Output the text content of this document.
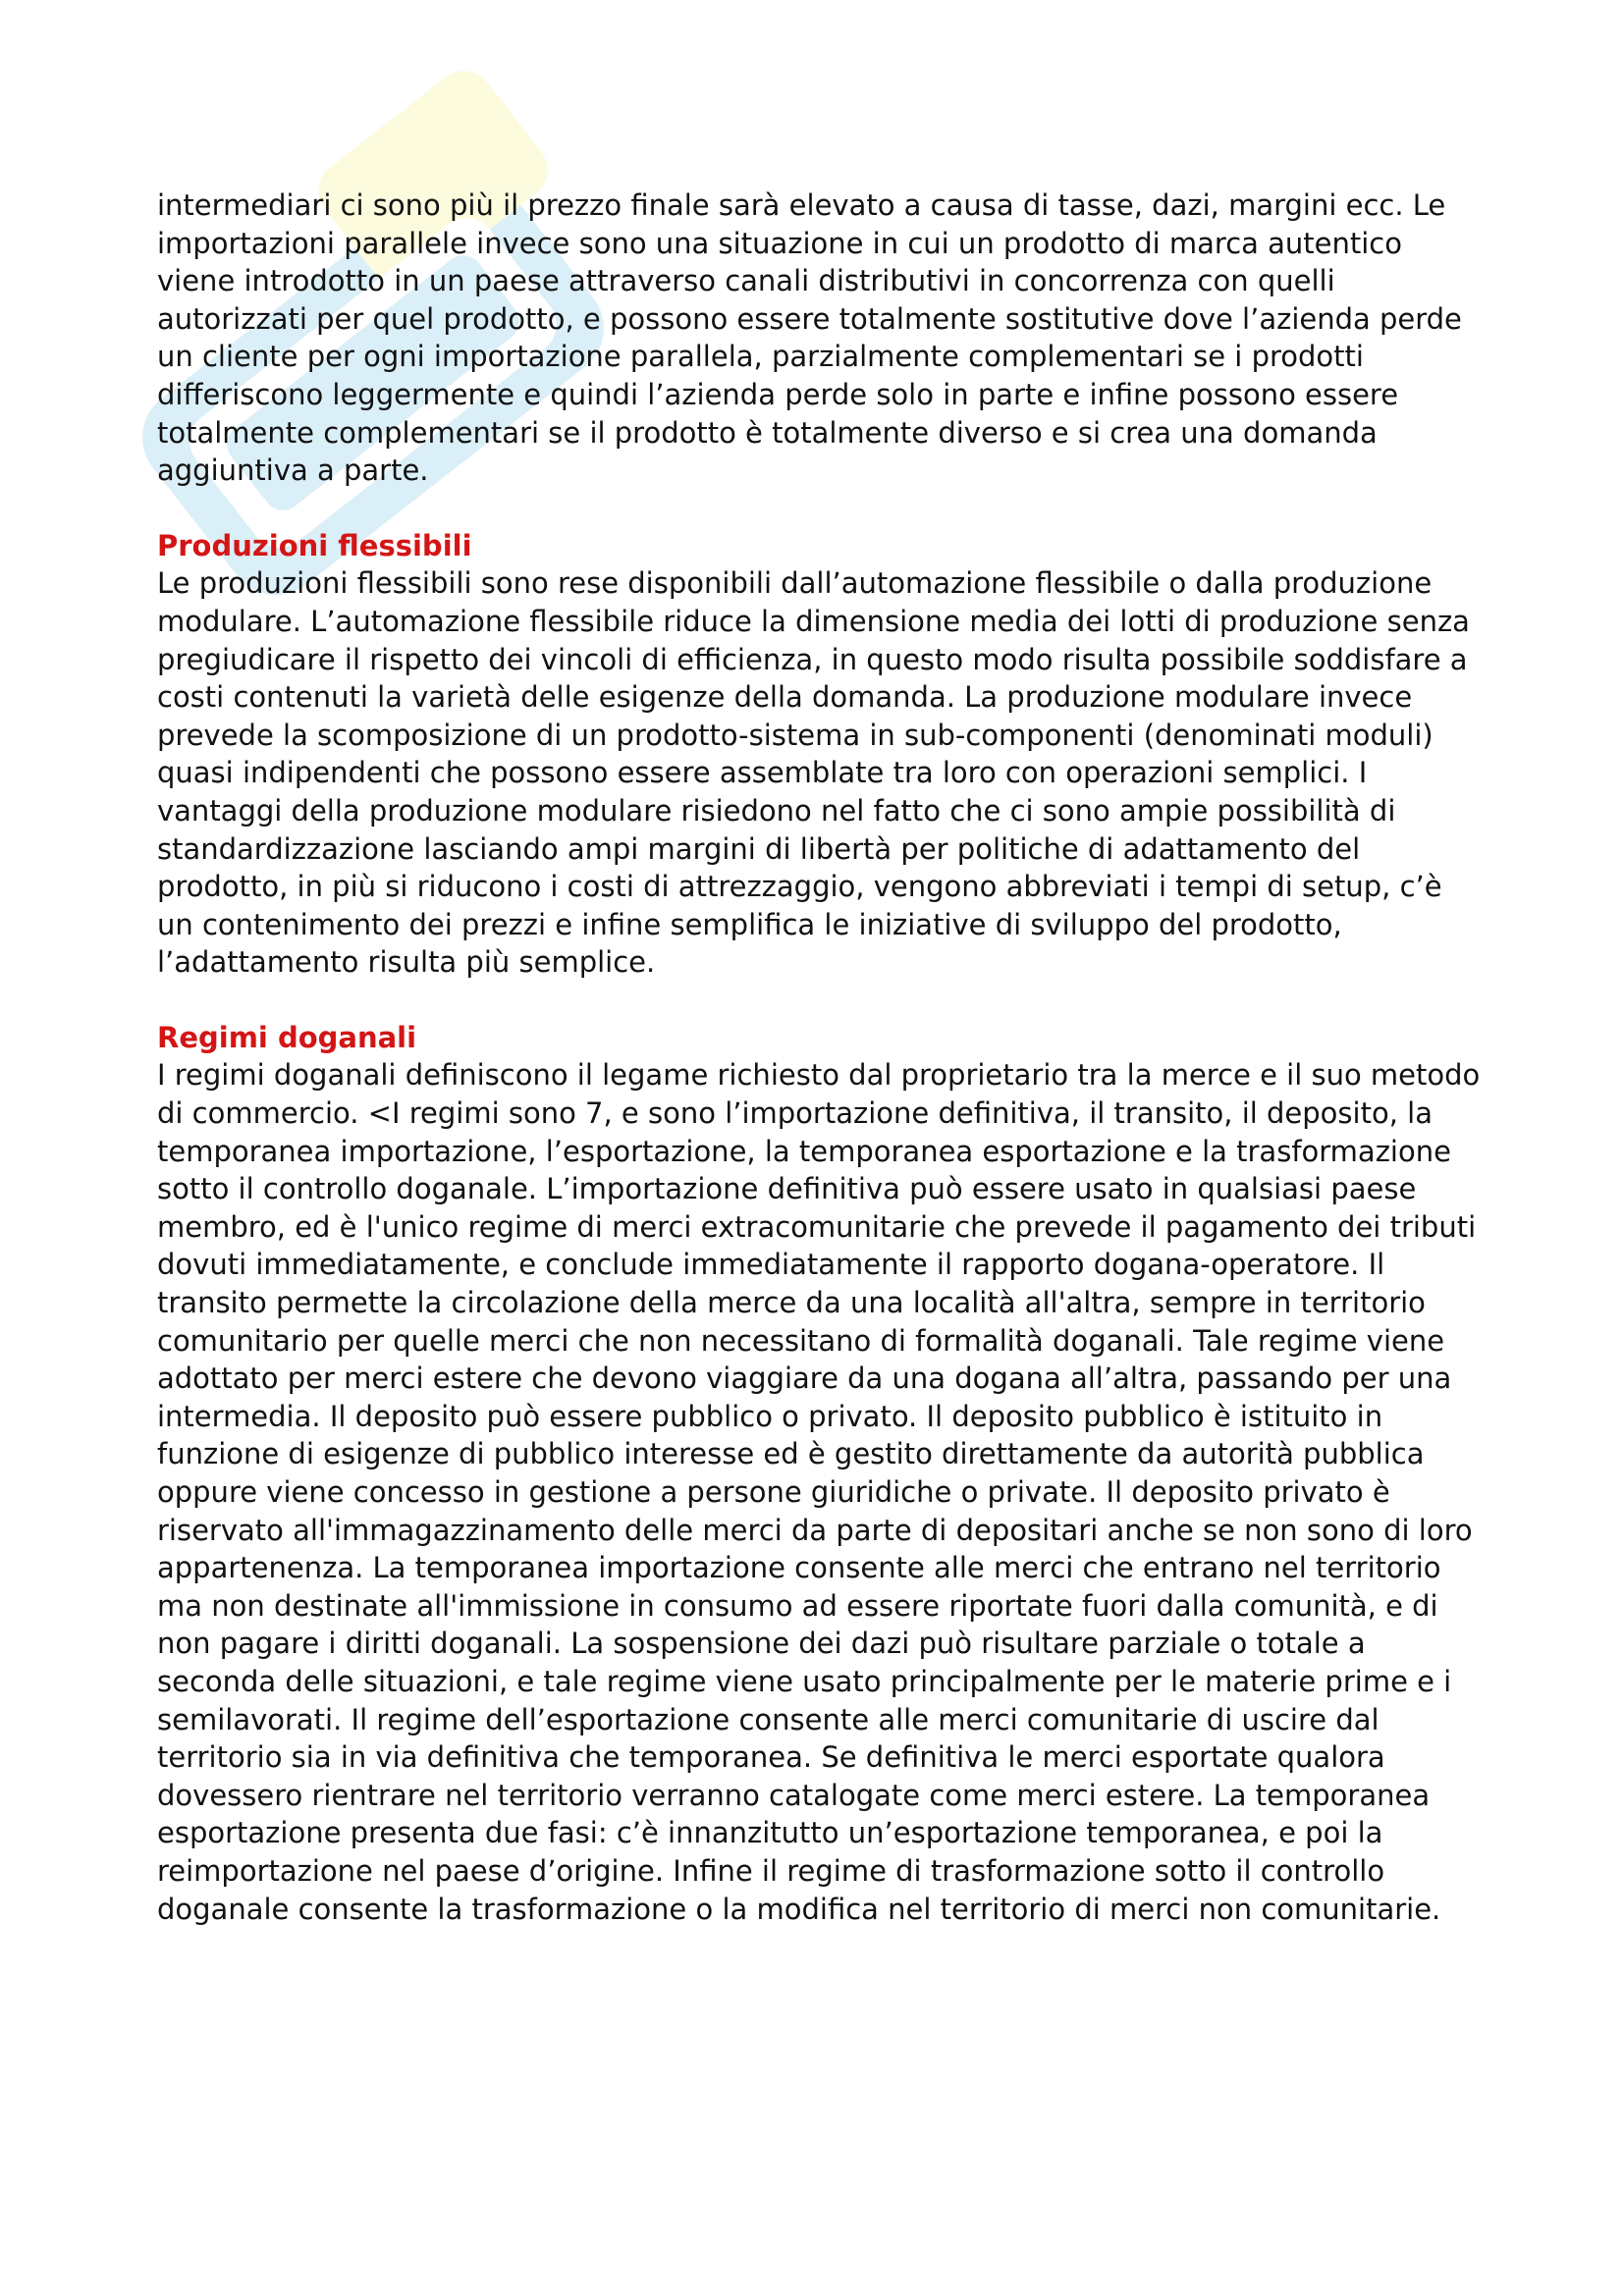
intermediari ci sono più il prezzo finale sarà elevato a causa di tasse, dazi, margini ecc. Le importazioni parallele invece sono una situazione in cui un prodotto di marca autentico viene introdotto in un paese attraverso canali distributivi in concorrenza con quelli autorizzati per quel prodotto, e possono essere totalmente sostitutive dove l’azienda perde un cliente per ogni importazione parallela, parzialmente complementari se i prodotti differiscono leggermente e quindi l’azienda perde solo in parte e infine possono essere totalmente complementari se il prodotto è totalmente diverso e si crea una domanda aggiuntiva a parte.

Produzioni flessibili

Le produzioni flessibili sono rese disponibili dall’automazione flessibile o dalla produzione modulare. L’automazione flessibile riduce la dimensione media dei lotti di produzione senza pregiudicare il rispetto dei vincoli di efficienza, in questo modo risulta possibile soddisfare a costi contenuti la varietà delle esigenze della domanda. La produzione modulare invece prevede la scomposizione di un prodotto-sistema in sub-componenti (denominati moduli) quasi indipendenti che possono essere assemblate tra loro con operazioni semplici. I vantaggi della produzione modulare risiedono nel fatto che ci sono ampie possibilità di standardizzazione lasciando ampi margini di libertà per politiche di adattamento del prodotto, in più si riducono i costi di attrezzaggio, vengono abbreviati i tempi di setup, c’è un contenimento dei prezzi e infine semplifica le iniziative di sviluppo del prodotto, l’adattamento risulta più semplice.

Regimi doganali

I regimi doganali definiscono il legame richiesto dal proprietario tra la merce e il suo metodo di commercio. <I regimi sono 7, e sono l’importazione definitiva, il transito, il deposito, la temporanea importazione, l’esportazione, la temporanea esportazione e la trasformazione sotto il controllo doganale. L’importazione definitiva può essere usato in qualsiasi paese membro, ed è l'unico regime di merci extracomunitarie che prevede il pagamento dei tributi dovuti immediatamente, e conclude immediatamente il rapporto dogana-operatore. Il transito permette la circolazione della merce da una località all'altra, sempre in territorio comunitario per quelle merci che non necessitano di formalità doganali. Tale regime viene adottato per merci estere che devono viaggiare da una dogana all’altra, passando per una intermedia. Il deposito può essere pubblico o privato. Il deposito pubblico è istituito in funzione di esigenze di pubblico interesse ed è gestito direttamente da autorità pubblica oppure viene concesso in gestione a persone giuridiche o private. Il deposito privato è riservato all'immagazzinamento delle merci da parte di depositari anche se non sono di loro appartenenza. La temporanea importazione consente alle merci che entrano nel territorio ma non destinate all'immissione in consumo ad essere riportate fuori dalla comunità, e di non pagare i diritti doganali. La sospensione dei dazi può risultare parziale o totale a seconda delle situazioni, e tale regime viene usato principalmente per le materie prime e i semilavorati. Il regime dell’esportazione consente alle merci comunitarie di uscire dal territorio sia in via definitiva che temporanea. Se definitiva le merci esportate qualora dovessero rientrare nel territorio verranno catalogate come merci estere. La temporanea esportazione presenta due fasi: c’è innanzitutto un’esportazione temporanea, e poi la reimportazione nel paese d’origine. Infine il regime di trasformazione sotto il controllo doganale consente la trasformazione o la modifica nel territorio di merci non comunitarie.
